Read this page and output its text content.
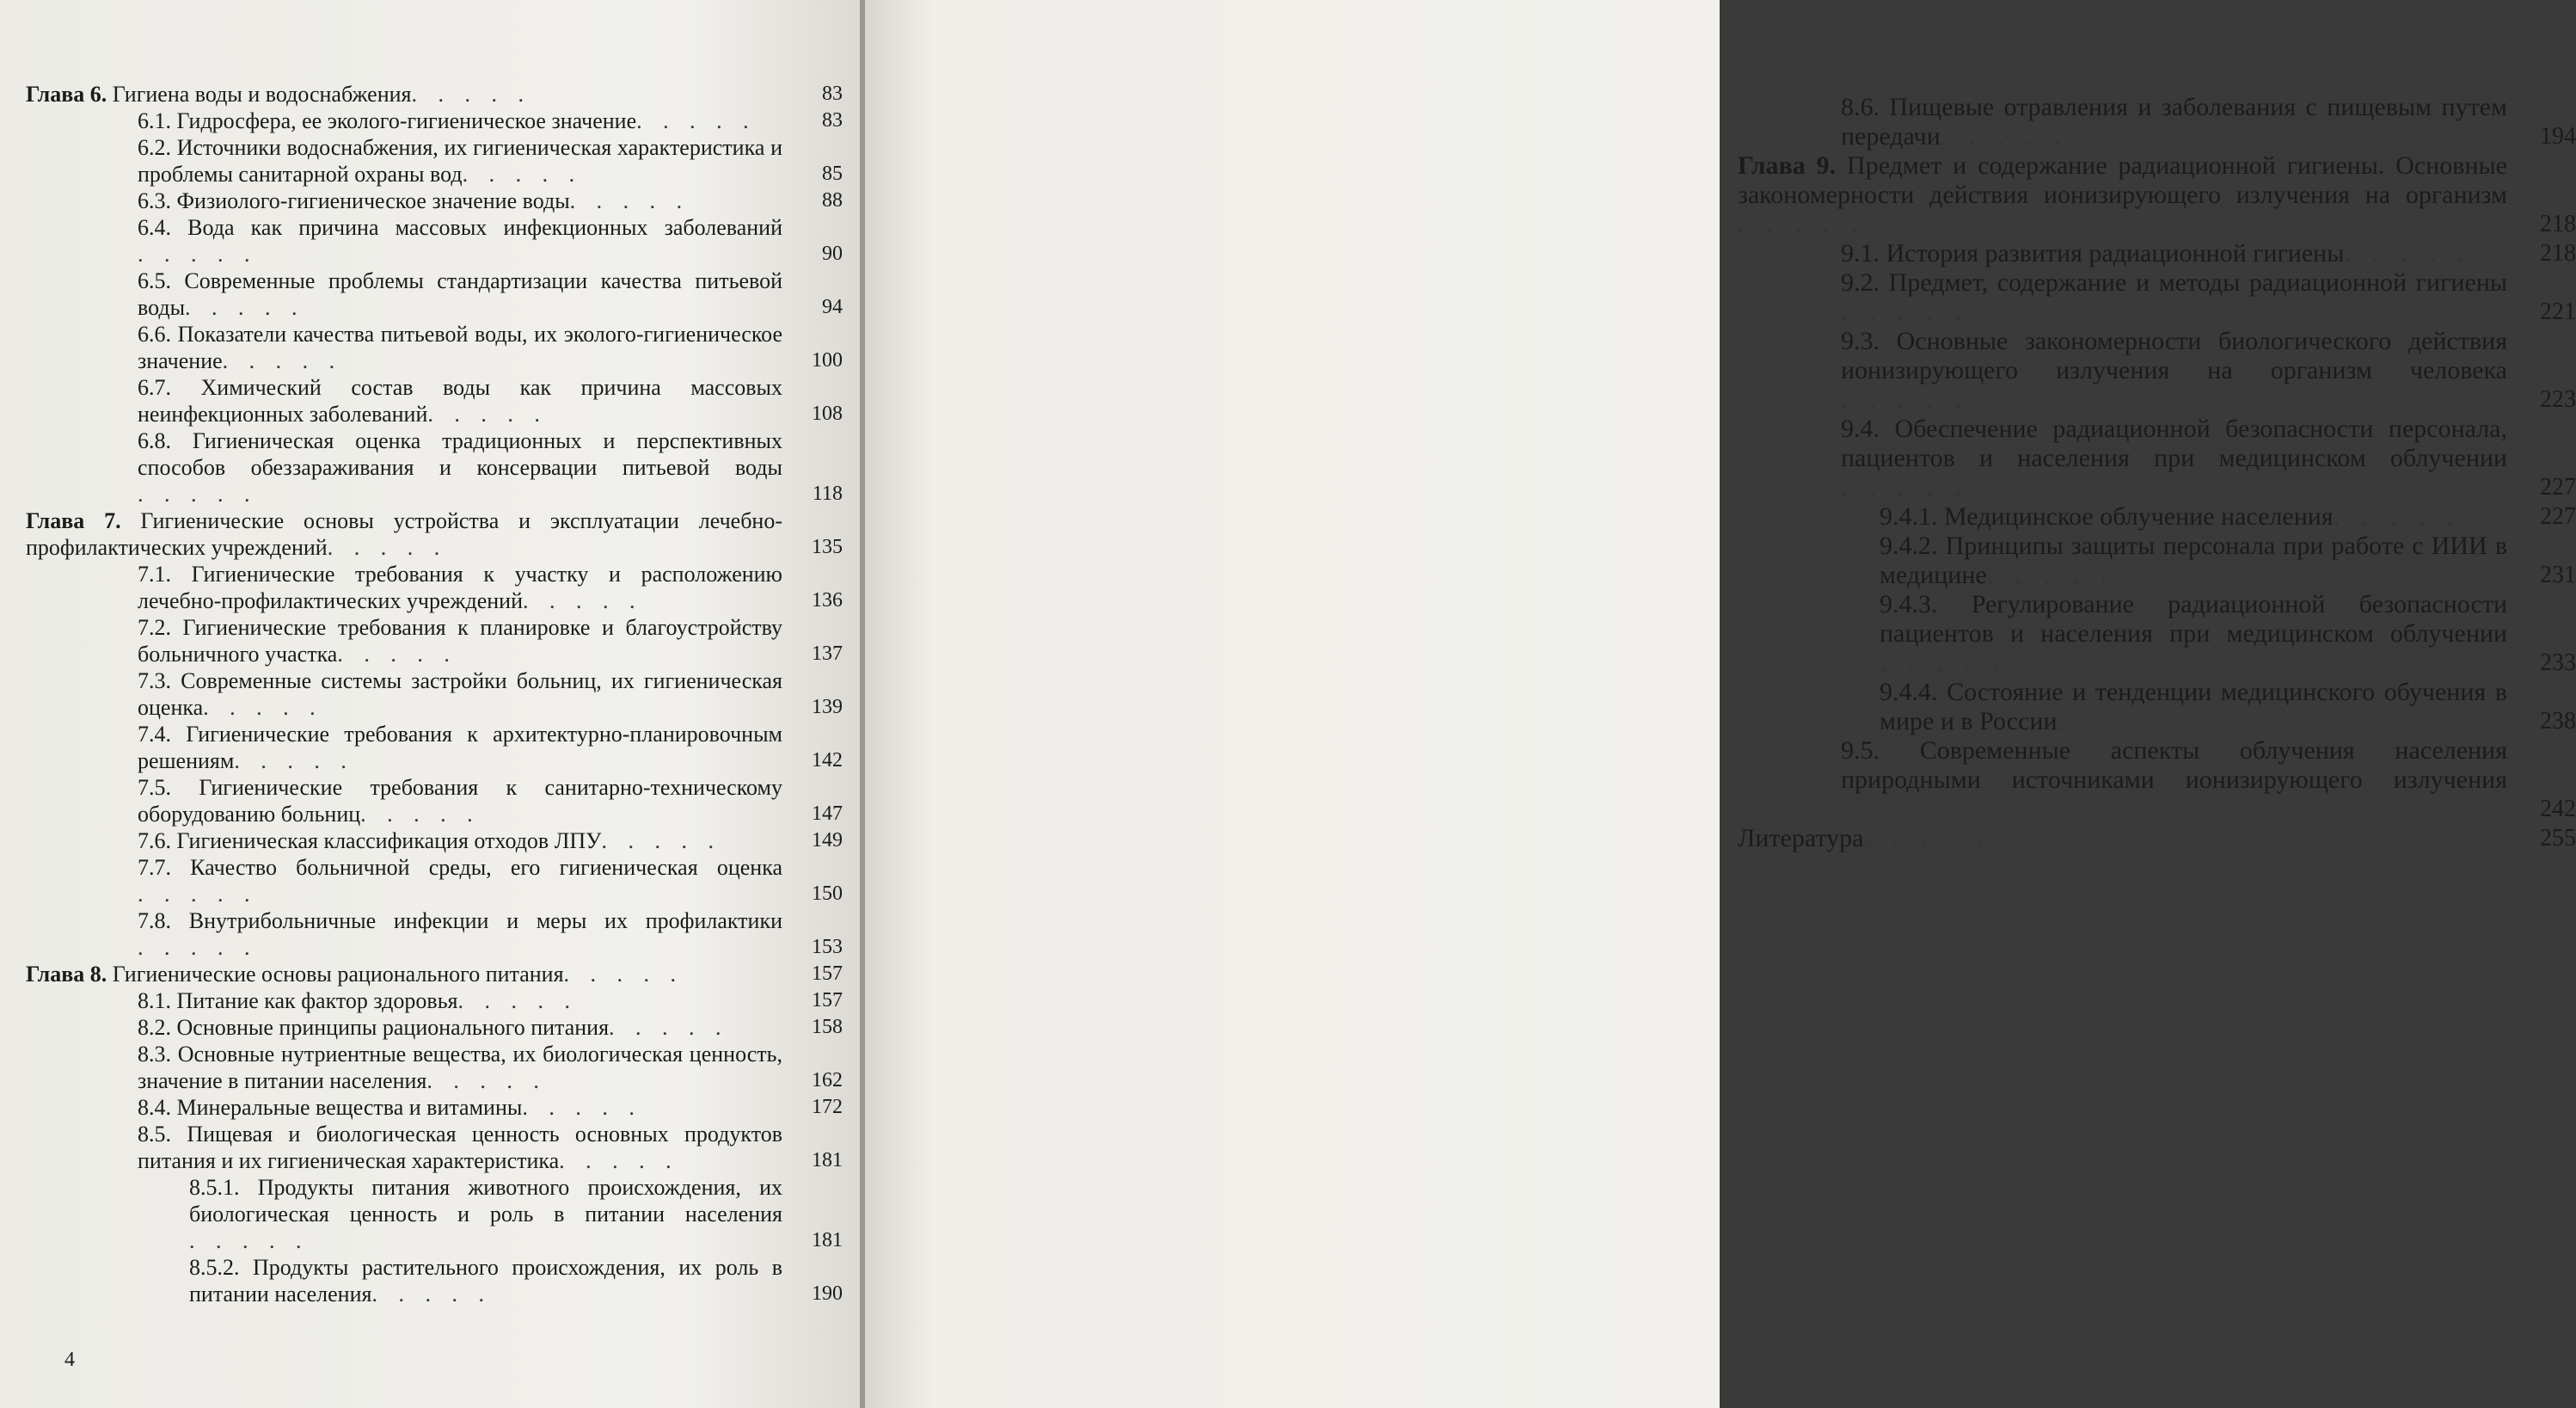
Глава 6. Гигиена воды и водоснабжения. . . . .	83
6.1. Гидросфера, ее эколого-гигиеническое значение. . . . .	83
6.2. Источники водоснабжения, их гигиеническая характеристика и проблемы санитарной охраны вод. . . . .	85
6.3. Физиолого-гигиеническое значение воды. . . . .	88
6.4. Вода как причина массовых инфекционных заболеваний. . . . .	90
6.5. Современные проблемы стандартизации качества питьевой воды. . . . .	94
6.6. Показатели качества питьевой воды, их эколого-гигиеническое значение. . . . .	100
6.7. Химический состав воды как причина массовых неинфекционных заболеваний. . . . .	108
6.8. Гигиеническая оценка традиционных и перспективных способов обеззараживания и консервации питьевой воды. . . . .	118
Глава 7. Гигиенические основы устройства и эксплуатации лечебно-профилактических учреждений. . . . .	135
7.1. Гигиенические требования к участку и расположению лечебно-профилактических учреждений. . . . .	136
7.2. Гигиенические требования к планировке и благоустройству больничного участка. . . . .	137
7.3. Современные системы застройки больниц, их гигиеническая оценка. . . . .	139
7.4. Гигиенические требования к архитектурно-планировочным решениям. . . . .	142
7.5. Гигиенические требования к санитарно-техническому оборудованию больниц. . . . .	147
7.6. Гигиеническая классификация отходов ЛПУ. . . . .	149
7.7. Качество больничной среды, его гигиеническая оценка. . . . .	150
7.8. Внутрибольничные инфекции и меры их профилактики. . . . .	153
Глава 8. Гигиенические основы рационального питания. . . . .	157
8.1. Питание как фактор здоровья. . . . .	157
8.2. Основные принципы рационального питания. . . . .	158
8.3. Основные нутриентные вещества, их биологическая ценность, значение в питании населения. . . . .	162
8.4. Минеральные вещества и витамины. . . . .	172
8.5. Пищевая и биологическая ценность основных продуктов питания и их гигиеническая характеристика. . . . .	181
8.5.1. Продукты питания животного происхождения, их биологическая ценность и роль в питании населения. . . . .	181
8.5.2. Продукты растительного происхождения, их роль в питании населения. . . . .	190
4
8.6. Пищевые отравления и заболевания с пищевым путем передачи. . . . .	194
Глава 9. Предмет и содержание радиационной гигиены. Основные закономерности действия ионизирующего излучения на организм. . . . .	218
9.1. История развития радиационной гигиены. . . . .	218
9.2. Предмет, содержание и методы радиационной гигиены. . . . .	221
9.3. Основные закономерности биологического действия ионизирующего излучения на организм человека. . . . .	223
9.4. Обеспечение радиационной безопасности персонала, пациентов и населения при медицинском облучении. . . . .	227
9.4.1. Медицинское облучение населения. . . . .	227
9.4.2. Принципы защиты персонала при работе с ИИИ в медицине. . . . .	231
9.4.3. Регулирование радиационной безопасности пациентов и населения при медицинском облучении. . . . .	233
9.4.4. Состояние и тенденции медицинского обучения в мире и в России. . . . .	238
9.5. Современные аспекты облучения населения природными источниками ионизирующего излучения. . . . .	242
Литература. . . . .	255
